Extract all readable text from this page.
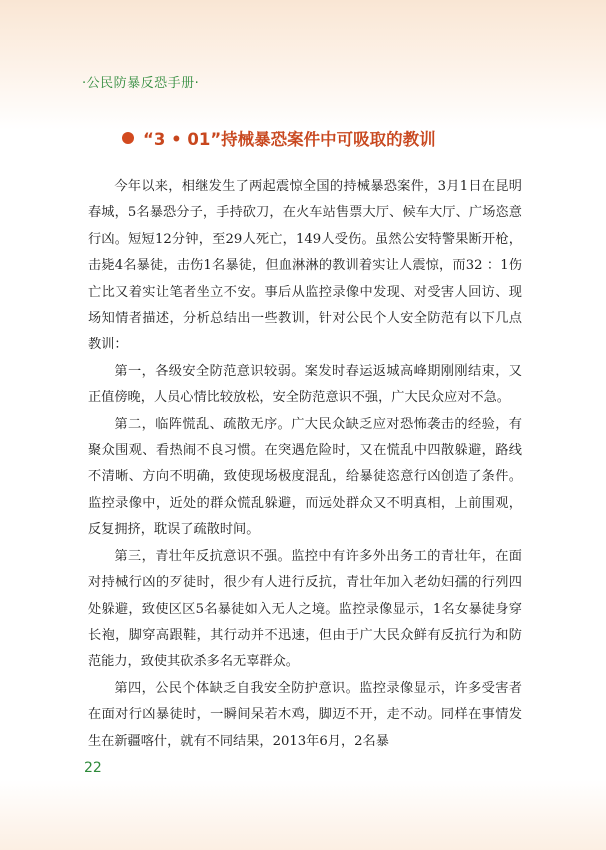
·公民防暴反恐手册·
“3 • 01”持械暴恐案件中可吸取的教训

今年以来，相继发生了两起震惊全国的持械暴恐案件，3月1日在昆明春城，5名暴恐分子，手持砍刀，在火车站售票大厅、候车大厅、广场恣意行凶。短短12分钟，至29人死亡，149人受伤。虽然公安特警果断开枪，击毙4名暴徒，击伤1名暴徒，但血淋淋的教训着实让人震惊，而32 ：1伤亡比又着实让笔者坐立不安。事后从监控录像中发现、对受害人回访、现场知情者描述，分析总结出一些教训，针对公民个人安全防范有以下几点教训：

第一，各级安全防范意识较弱。案发时春运返城高峰期刚刚结束，又正值傍晚，人员心情比较放松，安全防范意识不强，广大民众应对不急。

第二，临阵慌乱、疏散无序。广大民众缺乏应对恐怖袭击的经验，有聚众围观、看热闹不良习惯。在突遇危险时，又在慌乱中四散躲避，路线不清晰、方向不明确，致使现场极度混乱，给暴徒恣意行凶创造了条件。监控录像中，近处的群众慌乱躲避，而远处群众又不明真相，上前围观，反复拥挤，耽误了疏散时间。

第三，青壮年反抗意识不强。监控中有许多外出务工的青壮年，在面对持械行凶的歹徒时，很少有人进行反抗，青壮年加入老幼妇孺的行列四处躲避，致使区区5名暴徒如入无人之境。监控录像显示，1名女暴徒身穿长袍，脚穿高跟鞋，其行动并不迅速，但由于广大民众鲜有反抗行为和防范能力，致使其砍杀多名无辜群众。

第四，公民个体缺乏自我安全防护意识。监控录像显示，许多受害者在面对行凶暴徒时，一瞬间呆若木鸡，脚迈不开，走不动。同样在事情发生在新疆喀什，就有不同结果，2013年6月，2名暴

22
